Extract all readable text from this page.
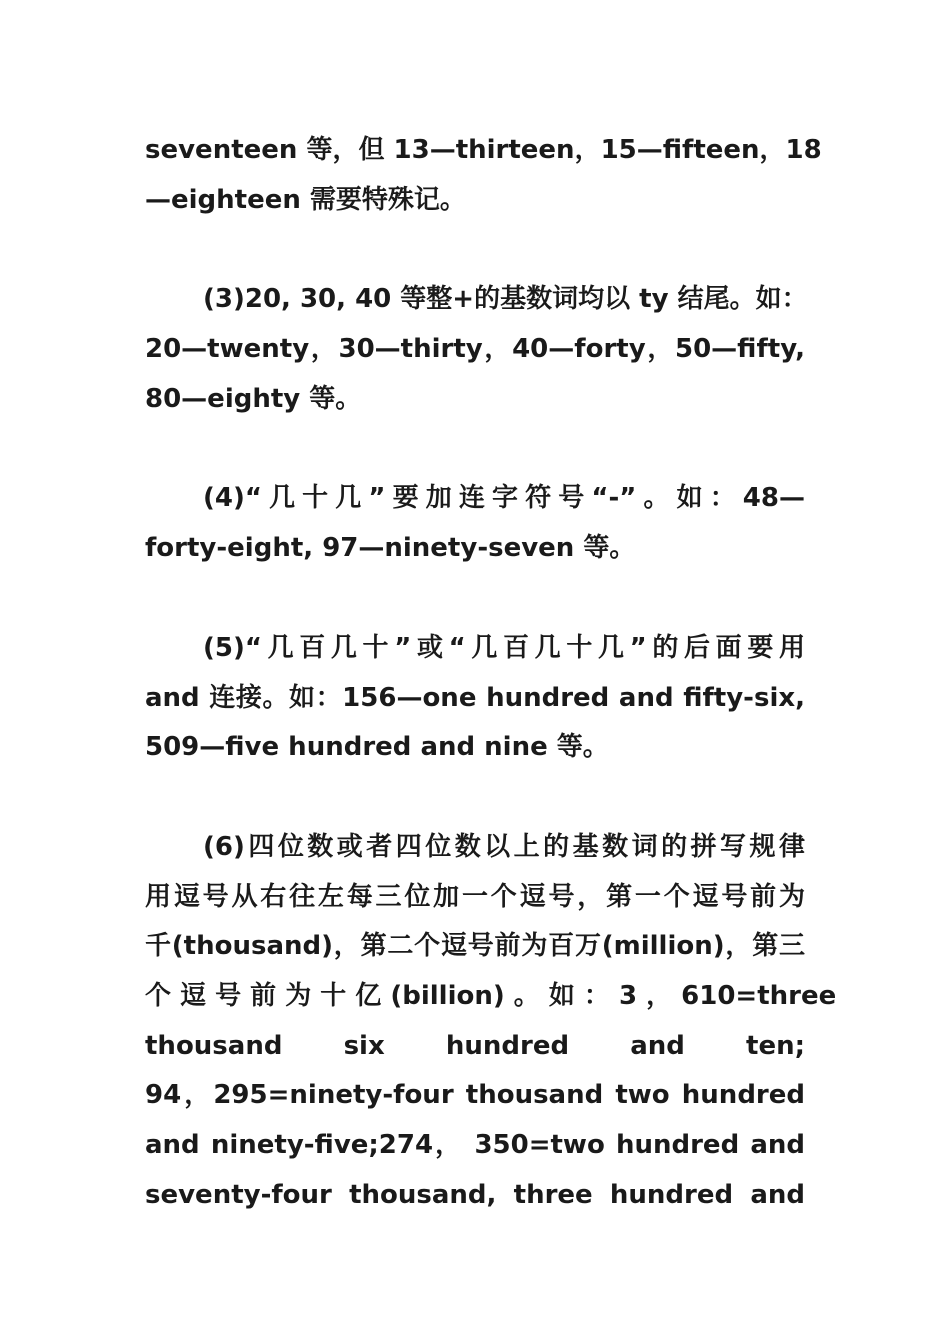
seventeen 等，但 13—thirteen，15—fifteen，18
—eighteen 需要特殊记。
(3)20, 30, 40 等整+的基数词均以 ty 结尾。如：
20—twenty，30—thirty，40—forty，50—fifty,
80—eighty 等。
(4)“几十几”要加连字符号“-”。如：48—
forty-eight, 97—ninety-seven 等。
(5)“几百几十”或“几百几十几”的后面要用
and 连接。如：156—one hundred and fifty-six,
509—five hundred and nine 等。
(6)四位数或者四位数以上的基数词的拼写规律
用逗号从右往左每三位加一个逗号，第一个逗号前为
千(thousand)，第二个逗号前为百万(million)，第三
个 逗 号 前 为 十 亿 (billion) 。 如 ： 3 ， 610=three
thousand six hundred and ten;
94，295=ninety-four thousand two hundred
and ninety-five;274， 350=two hundred and
seventy-four thousand, three hundred and
